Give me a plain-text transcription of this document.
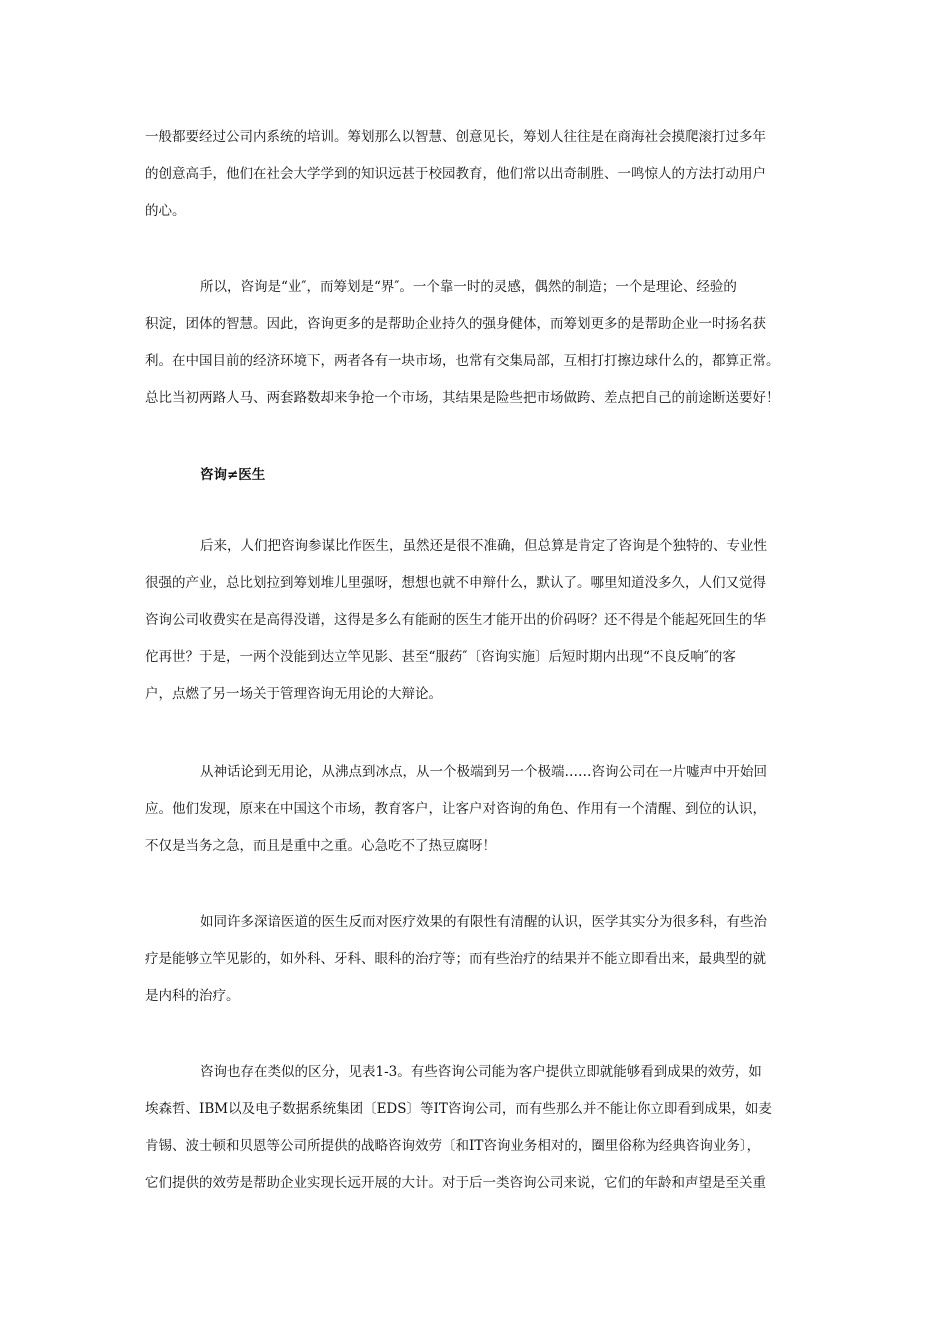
一般都要经过公司内系统的培训。筹划那么以智慧、创意见长，筹划人往往是在商海社会摸爬滚打过多年
的创意高手，他们在社会大学学到的知识远甚于校园教育，他们常以出奇制胜、一鸣惊人的方法打动用户
的心。
所以，咨询是“业″，而筹划是“界″。一个靠一时的灵感，偶然的制造；一个是理论、经验的
积淀，团体的智慧。因此，咨询更多的是帮助企业持久的强身健体，而筹划更多的是帮助企业一时扬名获
利。在中国目前的经济环境下，两者各有一块市场，也常有交集局部，互相打打擦边球什么的，都算正常。
总比当初两路人马、两套路数却来争抢一个市场，其结果是险些把市场做跨、差点把自己的前途断送要好！
咨询≠医生
后来，人们把咨询参谋比作医生，虽然还是很不准确，但总算是肯定了咨询是个独特的、专业性
很强的产业，总比划拉到筹划堆儿里强呀，想想也就不申辩什么，默认了。哪里知道没多久，人们又觉得
咨询公司收费实在是高得没谱，这得是多么有能耐的医生才能开出的价码呀？还不得是个能起死回生的华
佗再世？于是，一两个没能到达立竿见影、甚至“服药″〔咨询实施〕后短时期内出现“不良反响″的客
户，点燃了另一场关于管理咨询无用论的大辩论。
从神话论到无用论，从沸点到冰点，从一个极端到另一个极端……咨询公司在一片嘘声中开始回
应。他们发现，原来在中国这个市场，教育客户，让客户对咨询的角色、作用有一个清醒、到位的认识，
不仅是当务之急，而且是重中之重。心急吃不了热豆腐呀！
如同许多深谙医道的医生反而对医疗效果的有限性有清醒的认识，医学其实分为很多科，有些治
疗是能够立竿见影的，如外科、牙科、眼科的治疗等；而有些治疗的结果并不能立即看出来，最典型的就
是内科的治疗。
咨询也存在类似的区分，见表1-3。有些咨询公司能为客户提供立即就能够看到成果的效劳，如
埃森哲、IBM以及电子数据系统集团〔EDS〕等IT咨询公司，而有些那么并不能让你立即看到成果，如麦
肯锡、波士顿和贝恩等公司所提供的战略咨询效劳〔和IT咨询业务相对的，圈里俗称为经典咨询业务〕，
它们提供的效劳是帮助企业实现长远开展的大计。对于后一类咨询公司来说，它们的年龄和声望是至关重
